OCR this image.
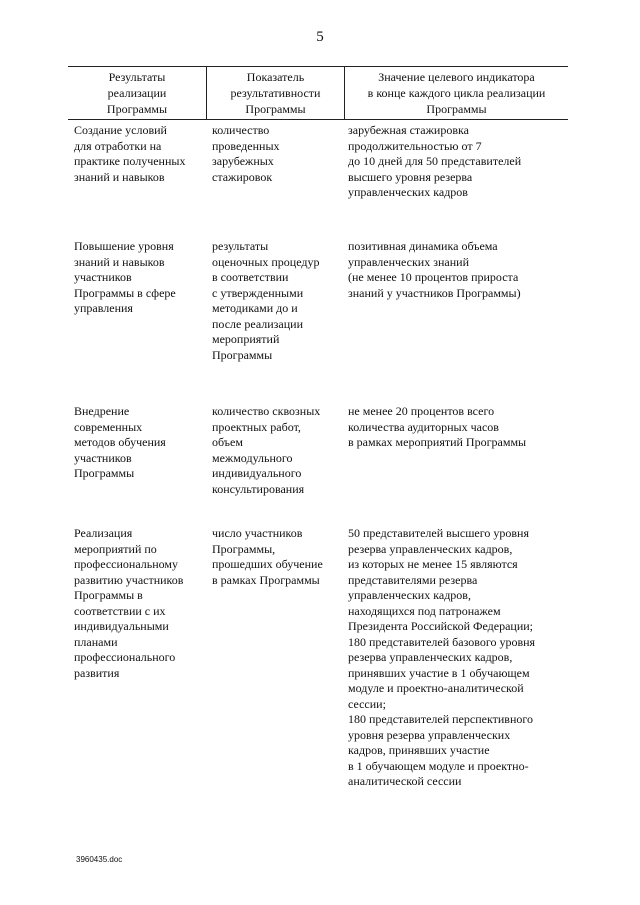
5
Результаты
реализации
Программы
Показатель
результативности
Программы
Значение целевого индикатора
в конце каждого цикла реализации
Программы
Создание условий
для отработки на
практике полученных
знаний и навыков
количество
проведенных
зарубежных
стажировок
зарубежная стажировка
продолжительностью от 7
до 10 дней для 50 представителей
высшего уровня резерва
управленческих кадров
Повышение уровня
знаний и навыков
участников
Программы в сфере
управления
результаты
оценочных процедур
в соответствии
с утвержденными
методиками до и
после реализации
мероприятий
Программы
позитивная динамика объема
управленческих знаний
(не менее 10 процентов прироста
знаний у участников Программы)
Внедрение
современных
методов обучения
участников
Программы
количество сквозных
проектных работ,
объем
межмодульного
индивидуального
консультирования
не менее 20 процентов всего
количества аудиторных часов
в рамках мероприятий Программы
Реализация
мероприятий по
профессиональному
развитию участников
Программы в
соответствии с их
индивидуальными
планами
профессионального
развития
число участников
Программы,
прошедших обучение
в рамках Программы
50 представителей высшего уровня
резерва управленческих кадров,
из которых не менее 15 являются
представителями резерва
управленческих кадров,
находящихся под патронажем
Президента Российской Федерации;
180 представителей базового уровня
резерва управленческих кадров,
принявших участие в 1 обучающем
модуле и проектно-аналитической
сессии;
180 представителей перспективного
уровня резерва управленческих
кадров, принявших участие
в 1 обучающем модуле и проектно-
аналитической сессии
3960435.doc
